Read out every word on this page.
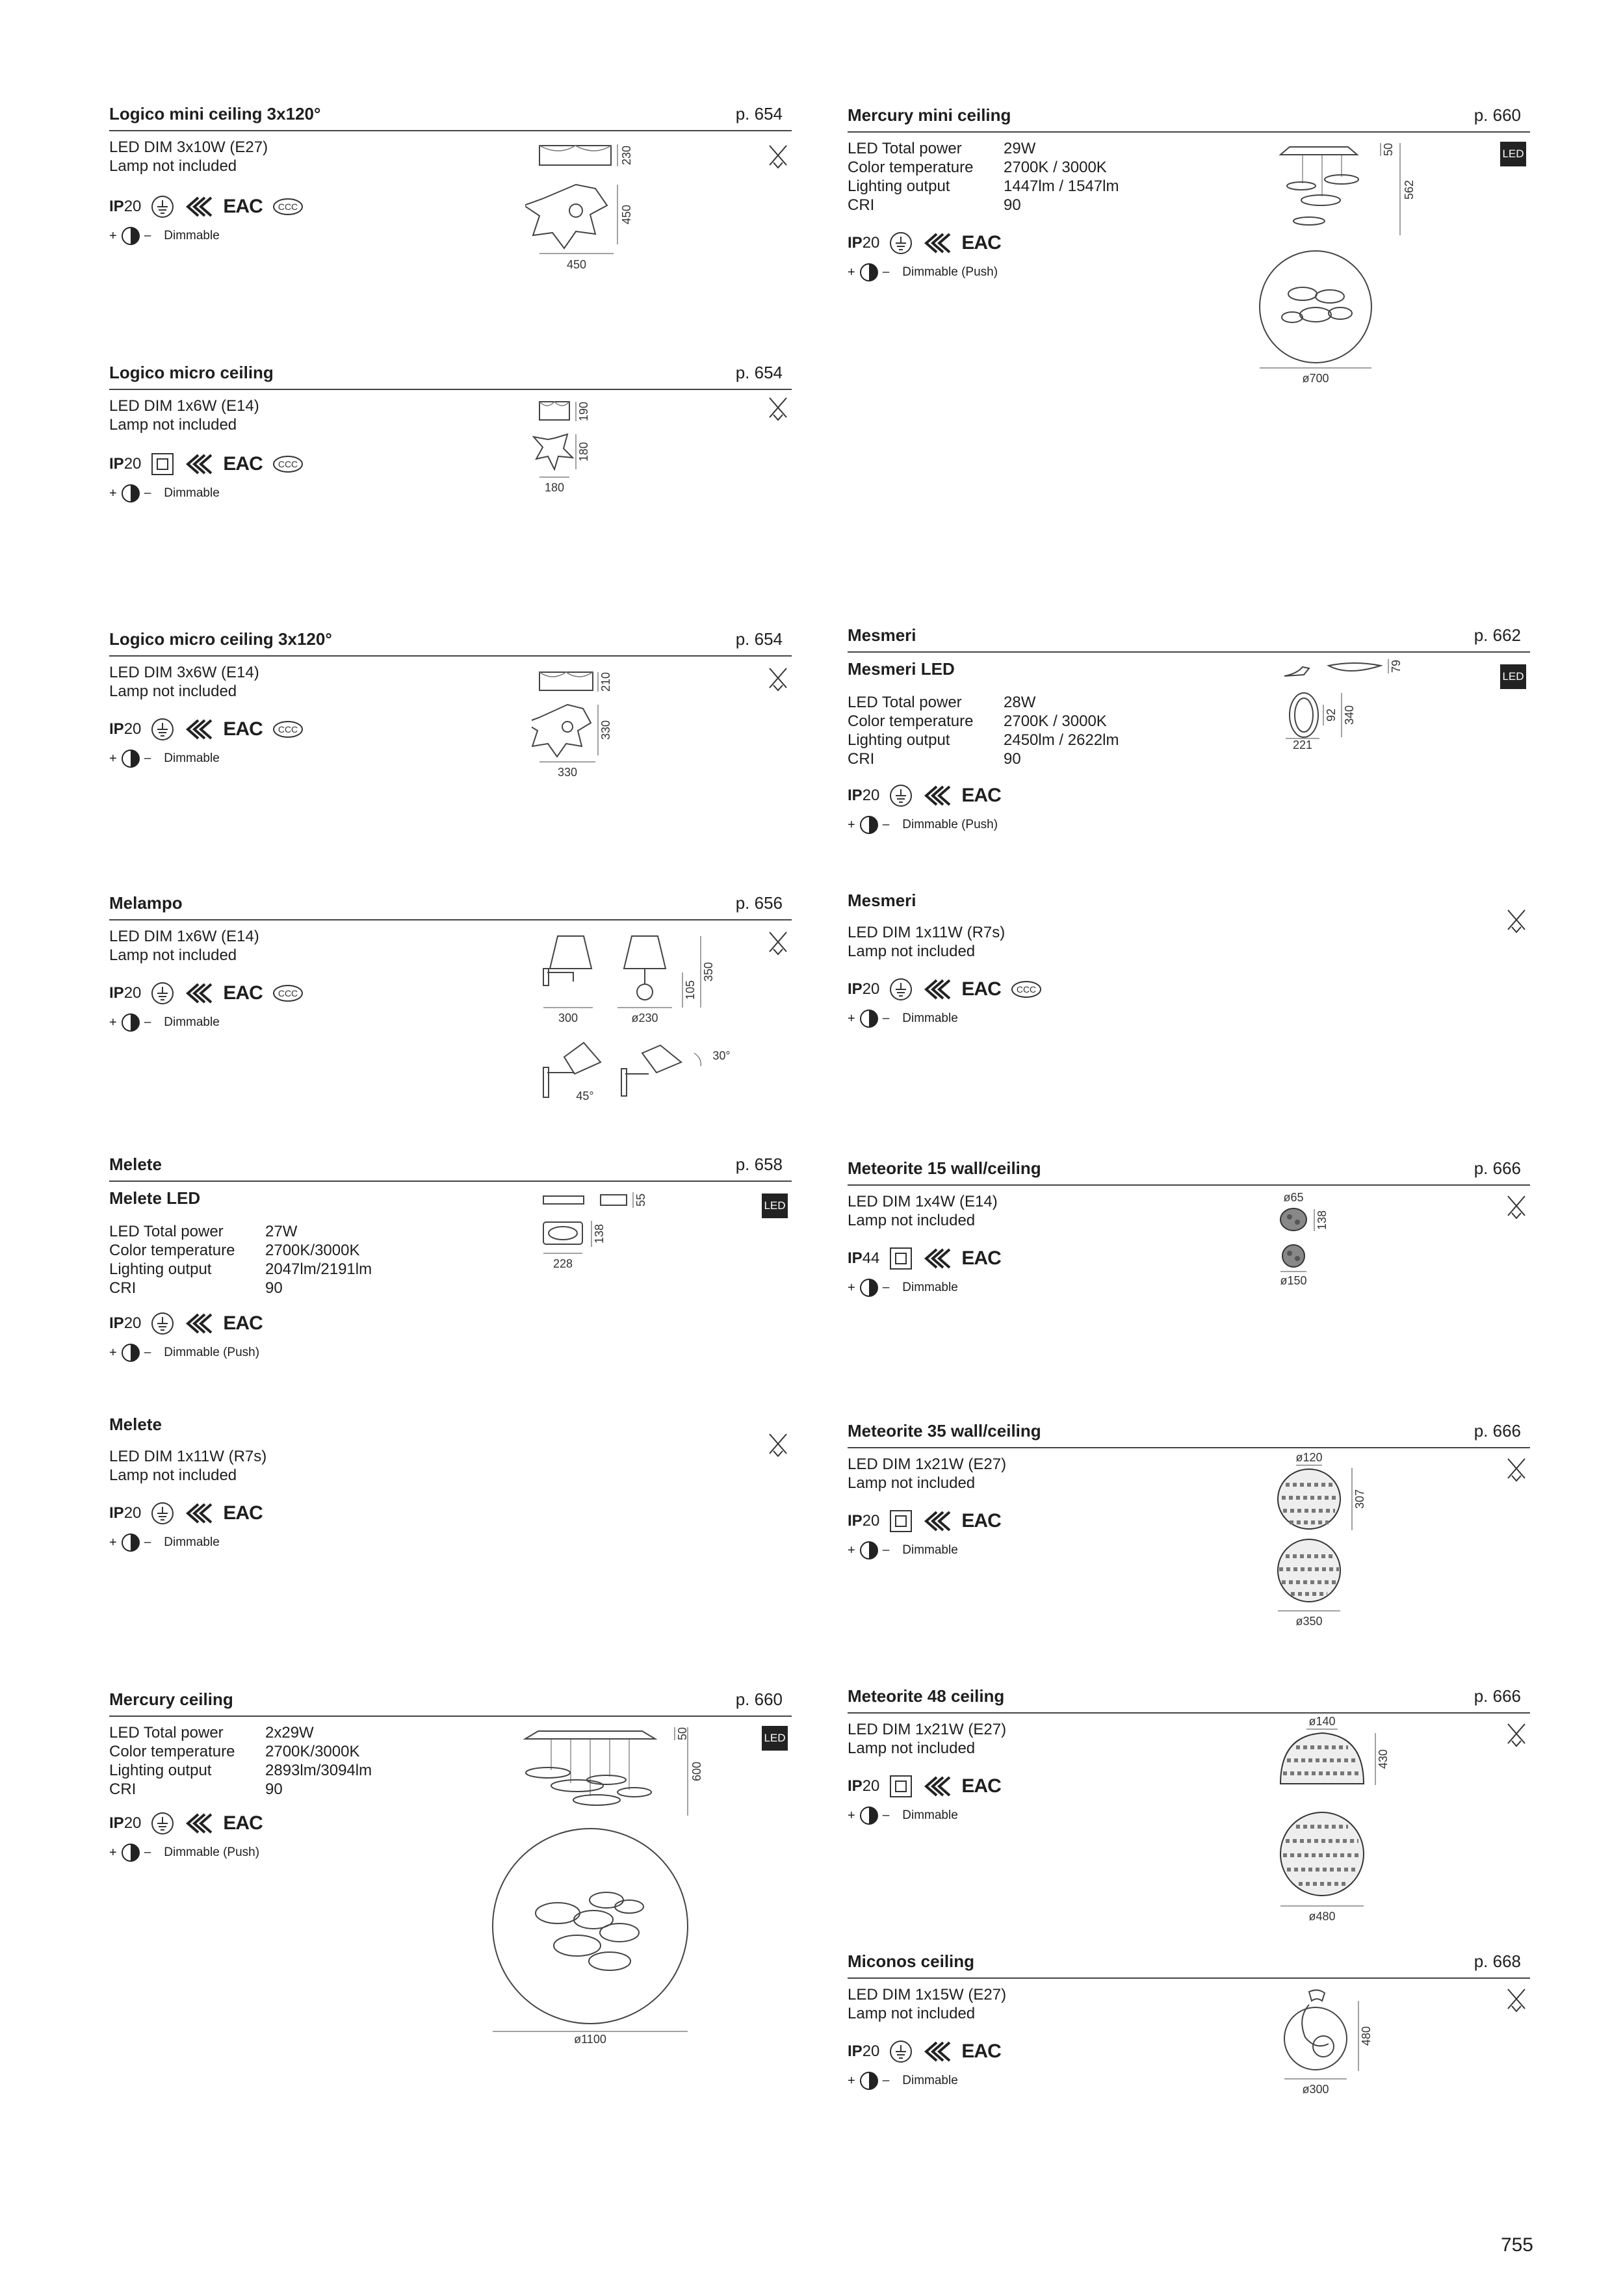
Logico mini ceiling 3x120°	p. 654
LED DIM 3x10W (E27)
Lamp not included
IP20	EAC CCC
+ – Dimmable
230
450
450
Logico micro ceiling	p. 654
LED DIM 1x6W (E14)
Lamp not included
IP20	EAC CCC
+ – Dimmable
190
180
180
Logico micro ceiling 3x120°	p. 654
LED DIM 3x6W (E14)
Lamp not included
IP20	EAC CCC
+ – Dimmable
210
330
330
Melampo	p. 656
LED DIM 1x6W (E14)
Lamp not included
IP20	EAC CCC
+ – Dimmable	300	ø230
105
350
45°
30°
Melete	p. 658
Melete LED
LED Total power	27W
Color temperature	2700K/3000K
Lighting output	2047lm/2191lm
CRI	90
IP20	EAC
+ – Dimmable (Push)
LED
55
138
228
Melete
LED DIM 1x11W (R7s)
Lamp not included
IP20	EAC
+ – Dimmable
Mercury ceiling	p. 660
LED Total power	2x29W
Color temperature	2700K/3000K
Lighting output	2893lm/3094lm
CRI	90
IP20	EAC
+ – Dimmable (Push)
LED
50
600
ø1100
Mercury mini ceiling	p. 660
LED Total power	29W
Color temperature	2700K / 3000K
Lighting output	1447lm / 1547lm
CRI	90
IP20	EAC
+ – Dimmable (Push)
LED
50
562
ø700
Mesmeri	p. 662
Mesmeri LED
LED Total power	28W
Color temperature	2700K / 3000K
Lighting output	2450lm / 2622lm
CRI	90
IP20	EAC
+ – Dimmable (Push)
LED
79
92 340
221
Mesmeri
LED DIM 1x11W (R7s)
Lamp not included
IP20	EAC CCC
+ – Dimmable
Meteorite 15 wall/ceiling	p. 666
LED DIM 1x4W (E14)
Lamp not included
IP44	EAC
+ – Dimmable
ø65
138
ø150
Meteorite 35 wall/ceiling	p. 666
LED DIM 1x21W (E27)
Lamp not included
IP20	EAC
+ – Dimmable
ø120
307
ø350
Meteorite 48 ceiling	p. 666
LED DIM 1x21W (E27)
Lamp not included
IP20	EAC
+ – Dimmable
ø140
430
ø480
Miconos ceiling	p. 668
LED DIM 1x15W (E27)
Lamp not included
IP20	EAC
+ – Dimmable
480
ø300
755
